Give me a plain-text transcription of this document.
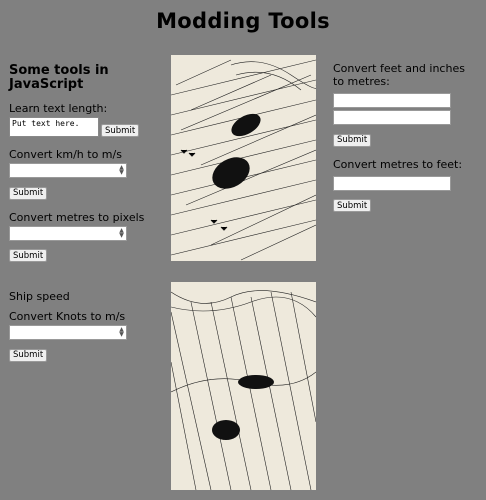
Modding Tools
Some tools in JavaScript
Learn text length:
Put text here.Submit
Convert km/h to m/s
▲
▼
Submit
Convert metres to pixels
▲
▼
Submit
Convert feet and inches to metres:
Submit
Convert metres to feet:
Submit
Ship speed
Convert Knots to m/s
▲
▼
Submit
